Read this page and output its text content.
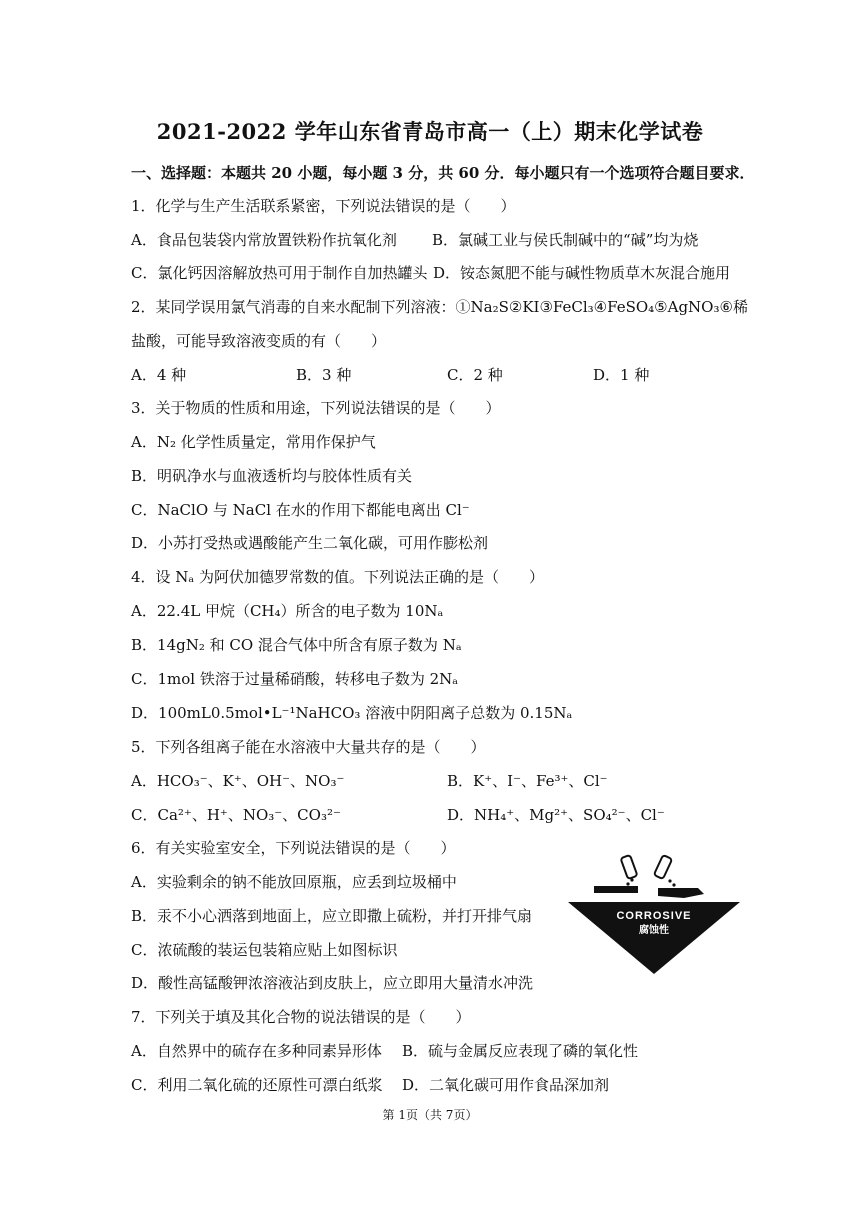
2021-2022 学年山东省青岛市高一（上）期末化学试卷
一、选择题：本题共 20 小题，每小题 3 分，共 60 分．每小题只有一个选项符合题目要求．
1．化学与生产生活联系紧密，下列说法错误的是（　　）
A．食品包装袋内常放置铁粉作抗氧化剂 B．氯碱工业与侯氏制碱中的“碱”均为烧
C．氯化钙因溶解放热可用于制作自加热罐头 D．铵态氮肥不能与碱性物质草木灰混合施用
2．某同学误用氯气消毒的自来水配制下列溶液：①Na₂S②KI③FeCl₃④FeSO₄⑤AgNO₃⑥稀
盐酸，可能导致溶液变质的有（　　）
A．4 种	B．3 种	C．2 种	D．1 种
3．关于物质的性质和用途，下列说法错误的是（　　）
A．N₂ 化学性质量定，常用作保护气
B．明矾净水与血液透析均与胶体性质有关
C．NaClO 与 NaCl 在水的作用下都能电离出 Cl⁻
D．小苏打受热或遇酸能产生二氧化碳，可用作膨松剂
4．设 Nₐ 为阿伏加德罗常数的值。下列说法正确的是（　　）
A．22.4L 甲烷（CH₄）所含的电子数为 10Nₐ
B．14gN₂ 和 CO 混合气体中所含有原子数为 Nₐ
C．1mol 铁溶于过量稀硝酸，转移电子数为 2Nₐ
D．100mL0.5mol•L⁻¹NaHCO₃ 溶液中阴阳离子总数为 0.15Nₐ
5．下列各组离子能在水溶液中大量共存的是（　　）
A．HCO₃⁻、K⁺、OH⁻、NO₃⁻	B．K⁺、I⁻、Fe³⁺、Cl⁻
C．Ca²⁺、H⁺、NO₃⁻、CO₃²⁻	D．NH₄⁺、Mg²⁺、SO₄²⁻、Cl⁻
6．有关实验室安全，下列说法错误的是（　　）
A．实验剩余的钠不能放回原瓶，应丢到垃圾桶中
B．汞不小心洒落到地面上，应立即撒上硫粉，并打开排气扇
C．浓硫酸的装运包装箱应贴上如图标识
D．酸性高锰酸钾浓溶液沾到皮肤上，应立即用大量清水冲洗
CORROSIVE
腐蚀性
7．下列关于填及其化合物的说法错误的是（　　）
A．自然界中的硫存在多种同素异形体 B．硫与金属反应表现了磷的氧化性
C．利用二氧化硫的还原性可漂白纸浆 D．二氧化碳可用作食品深加剂
第 1页（共 7页）
